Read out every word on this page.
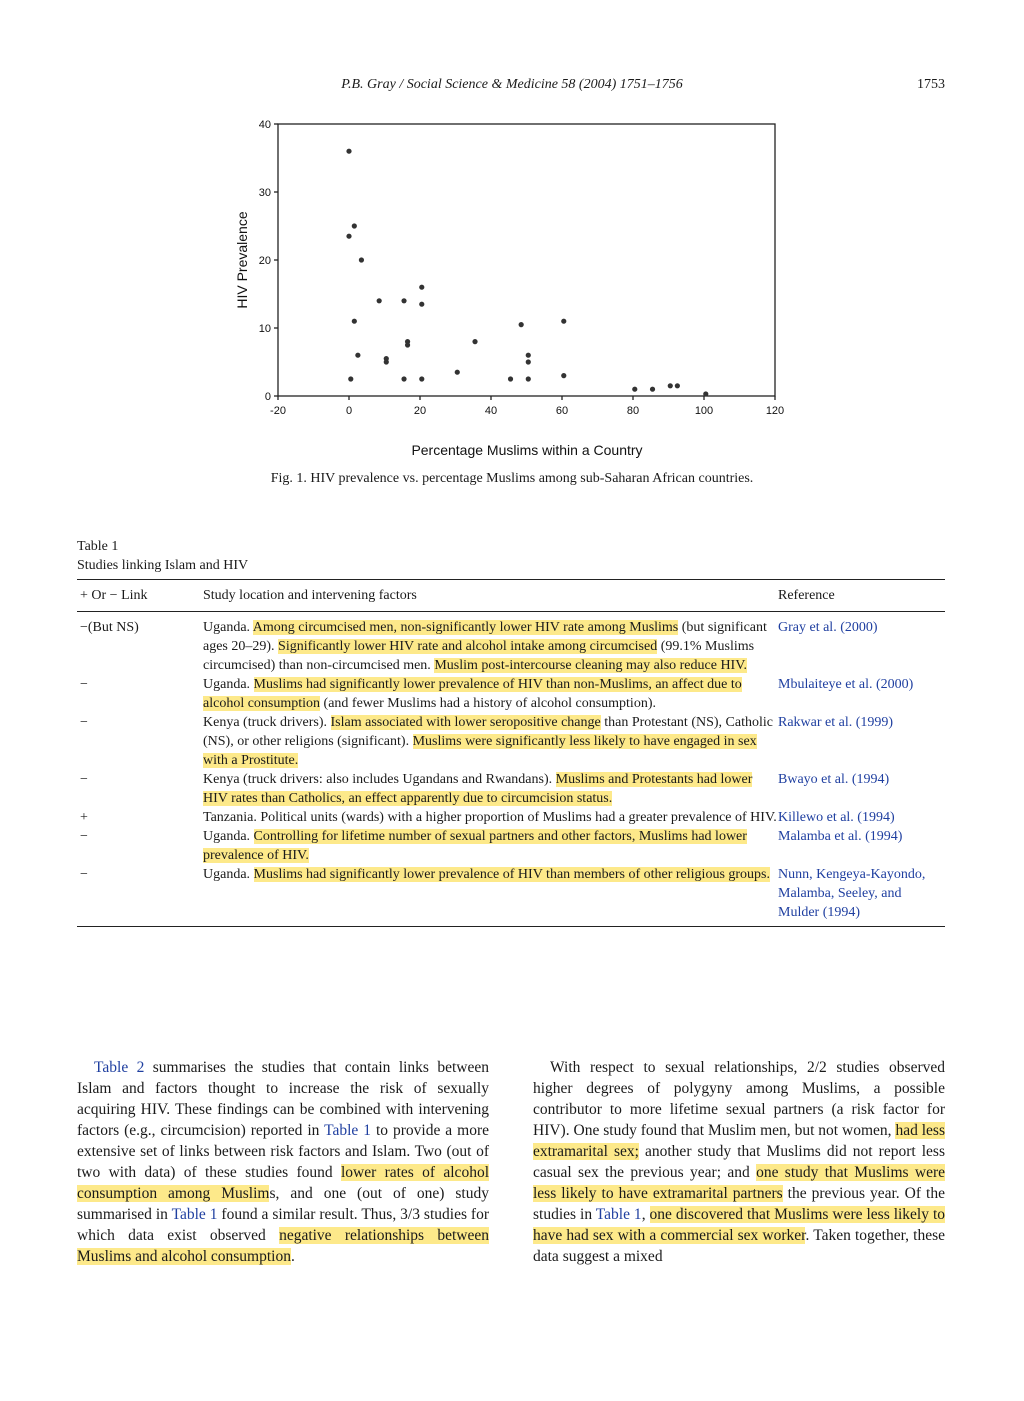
P.B. Gray / Social Science & Medicine 58 (2004) 1751–1756	1753
-20	0	20	40	60	80	100	120
0
10
20
30
40
HIV Prevalence
Percentage Muslims within a Country
Fig. 1. HIV prevalence vs. percentage Muslims among sub-Saharan African countries.
Table 1
Studies linking Islam and HIV
+ Or − Link	Study location and intervening factors	Reference
−(But NS)	Uganda. Among circumcised men, non-significantly lower HIV rate among Muslims (but significant ages 20–29). Significantly lower HIV rate and alcohol intake among circumcised (99.1% Muslims circumcised) than non-circumcised men. Muslim post-intercourse cleaning may also reduce HIV.	Gray et al. (2000)
−	Uganda. Muslims had significantly lower prevalence of HIV than non-Muslims, an affect due to alcohol consumption (and fewer Muslims had a history of alcohol consumption).	Mbulaiteye et al. (2000)
−	Kenya (truck drivers). Islam associated with lower seropositive change than Protestant (NS), Catholic (NS), or other religions (significant). Muslims were significantly less likely to have engaged in sex with a Prostitute.	Rakwar et al. (1999)
−	Kenya (truck drivers: also includes Ugandans and Rwandans). Muslims and Protestants had lower HIV rates than Catholics, an effect apparently due to circumcision status.	Bwayo et al. (1994)
+	Tanzania. Political units (wards) with a higher proportion of Muslims had a greater prevalence of HIV.	Killewo et al. (1994)
−	Uganda. Controlling for lifetime number of sexual partners and other factors, Muslims had lower prevalence of HIV.	Malamba et al. (1994)
−	Uganda. Muslims had significantly lower prevalence of HIV than members of other religious groups.	Nunn, Kengeya-Kayondo, Malamba, Seeley, and Mulder (1994)

Table 2 summarises the studies that contain links between Islam and factors thought to increase the risk of sexually acquiring HIV. These findings can be combined with intervening factors (e.g., circumcision) reported in Table 1 to provide a more extensive set of links between risk factors and Islam. Two (out of two with data) of these studies found lower rates of alcohol consumption among Muslims, and one (out of one) study summarised in Table 1 found a similar result. Thus, 3/3 studies for which data exist observed negative relationships between Muslims and alcohol consumption.

With respect to sexual relationships, 2/2 studies observed higher degrees of polygyny among Muslims, a possible contributor to more lifetime sexual partners (a risk factor for HIV). One study found that Muslim men, but not women, had less extramarital sex; another study that Muslims did not report less casual sex the previous year; and one study that Muslims were less likely to have extramarital partners the previous year. Of the studies in Table 1, one discovered that Muslims were less likely to have had sex with a commercial sex worker. Taken together, these data suggest a mixed
